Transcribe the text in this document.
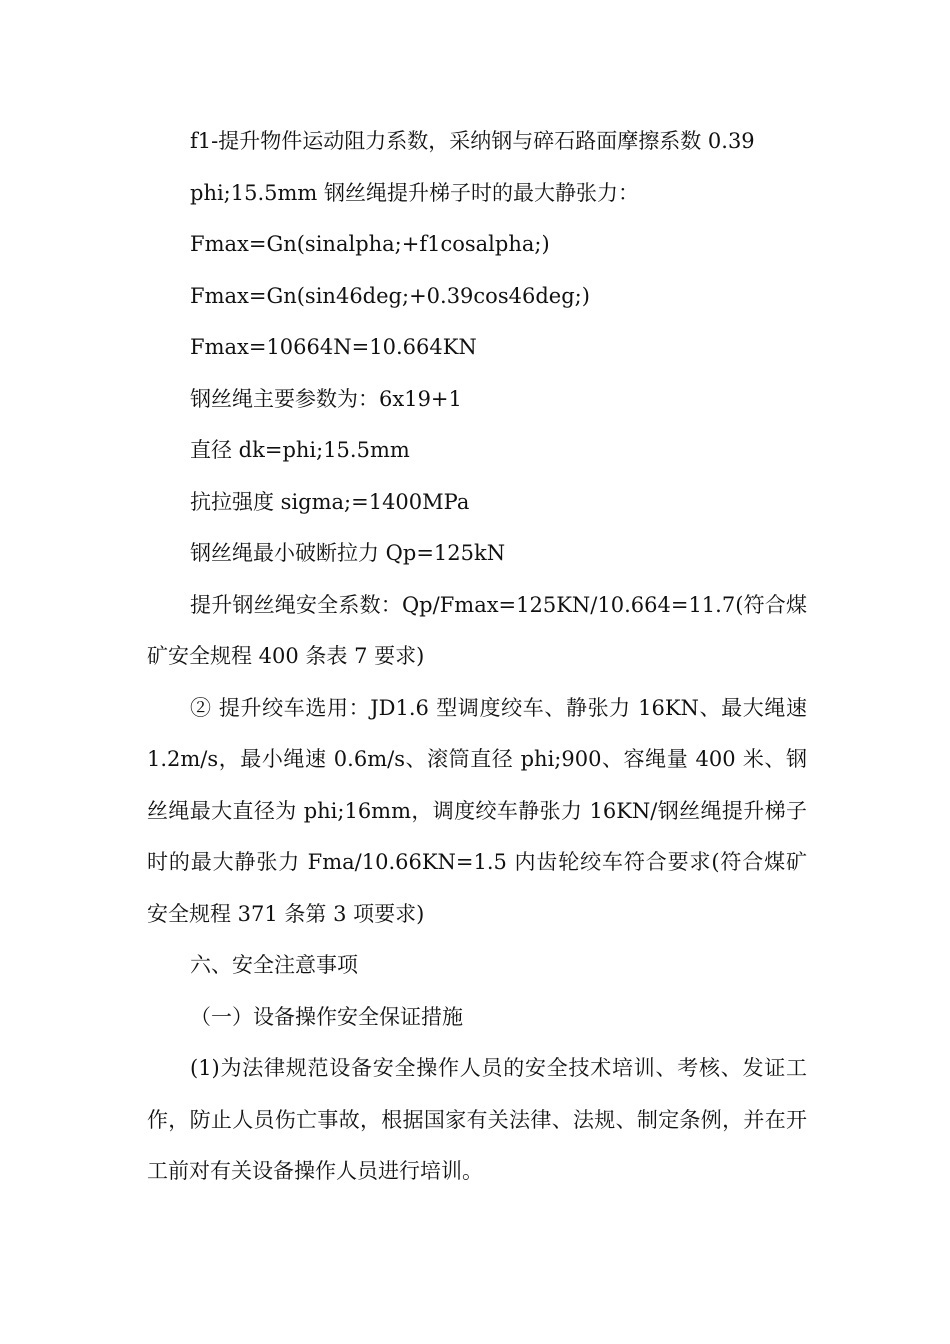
f1-提升物件运动阻力系数，采纳钢与碎石路面摩擦系数 0.39

phi;15.5mm 钢丝绳提升梯子时的最大静张力：

Fmax=Gn(sinalpha;+f1cosalpha;)

Fmax=Gn(sin46deg;+0.39cos46deg;)

Fmax=10664N=10.664KN

钢丝绳主要参数为：6x19+1

直径 dk=phi;15.5mm

抗拉强度 sigma;=1400MPa

钢丝绳最小破断拉力 Qp=125kN

提升钢丝绳安全系数：Qp/Fmax=125KN/10.664=11.7(符合煤矿安全规程 400 条表 7 要求)

② 提升绞车选用：JD1.6 型调度绞车、静张力 16KN、最大绳速 1.2m/s，最小绳速 0.6m/s、滚筒直径 phi;900、容绳量 400 米、钢丝绳最大直径为 phi;16mm，调度绞车静张力 16KN/钢丝绳提升梯子时的最大静张力 Fma/10.66KN=1.5 内齿轮绞车符合要求(符合煤矿安全规程 371 条第 3 项要求)

六、安全注意事项

（一）设备操作安全保证措施

(1)为法律规范设备安全操作人员的安全技术培训、考核、发证工作，防止人员伤亡事故，根据国家有关法律、法规、制定条例，并在开工前对有关设备操作人员进行培训。
